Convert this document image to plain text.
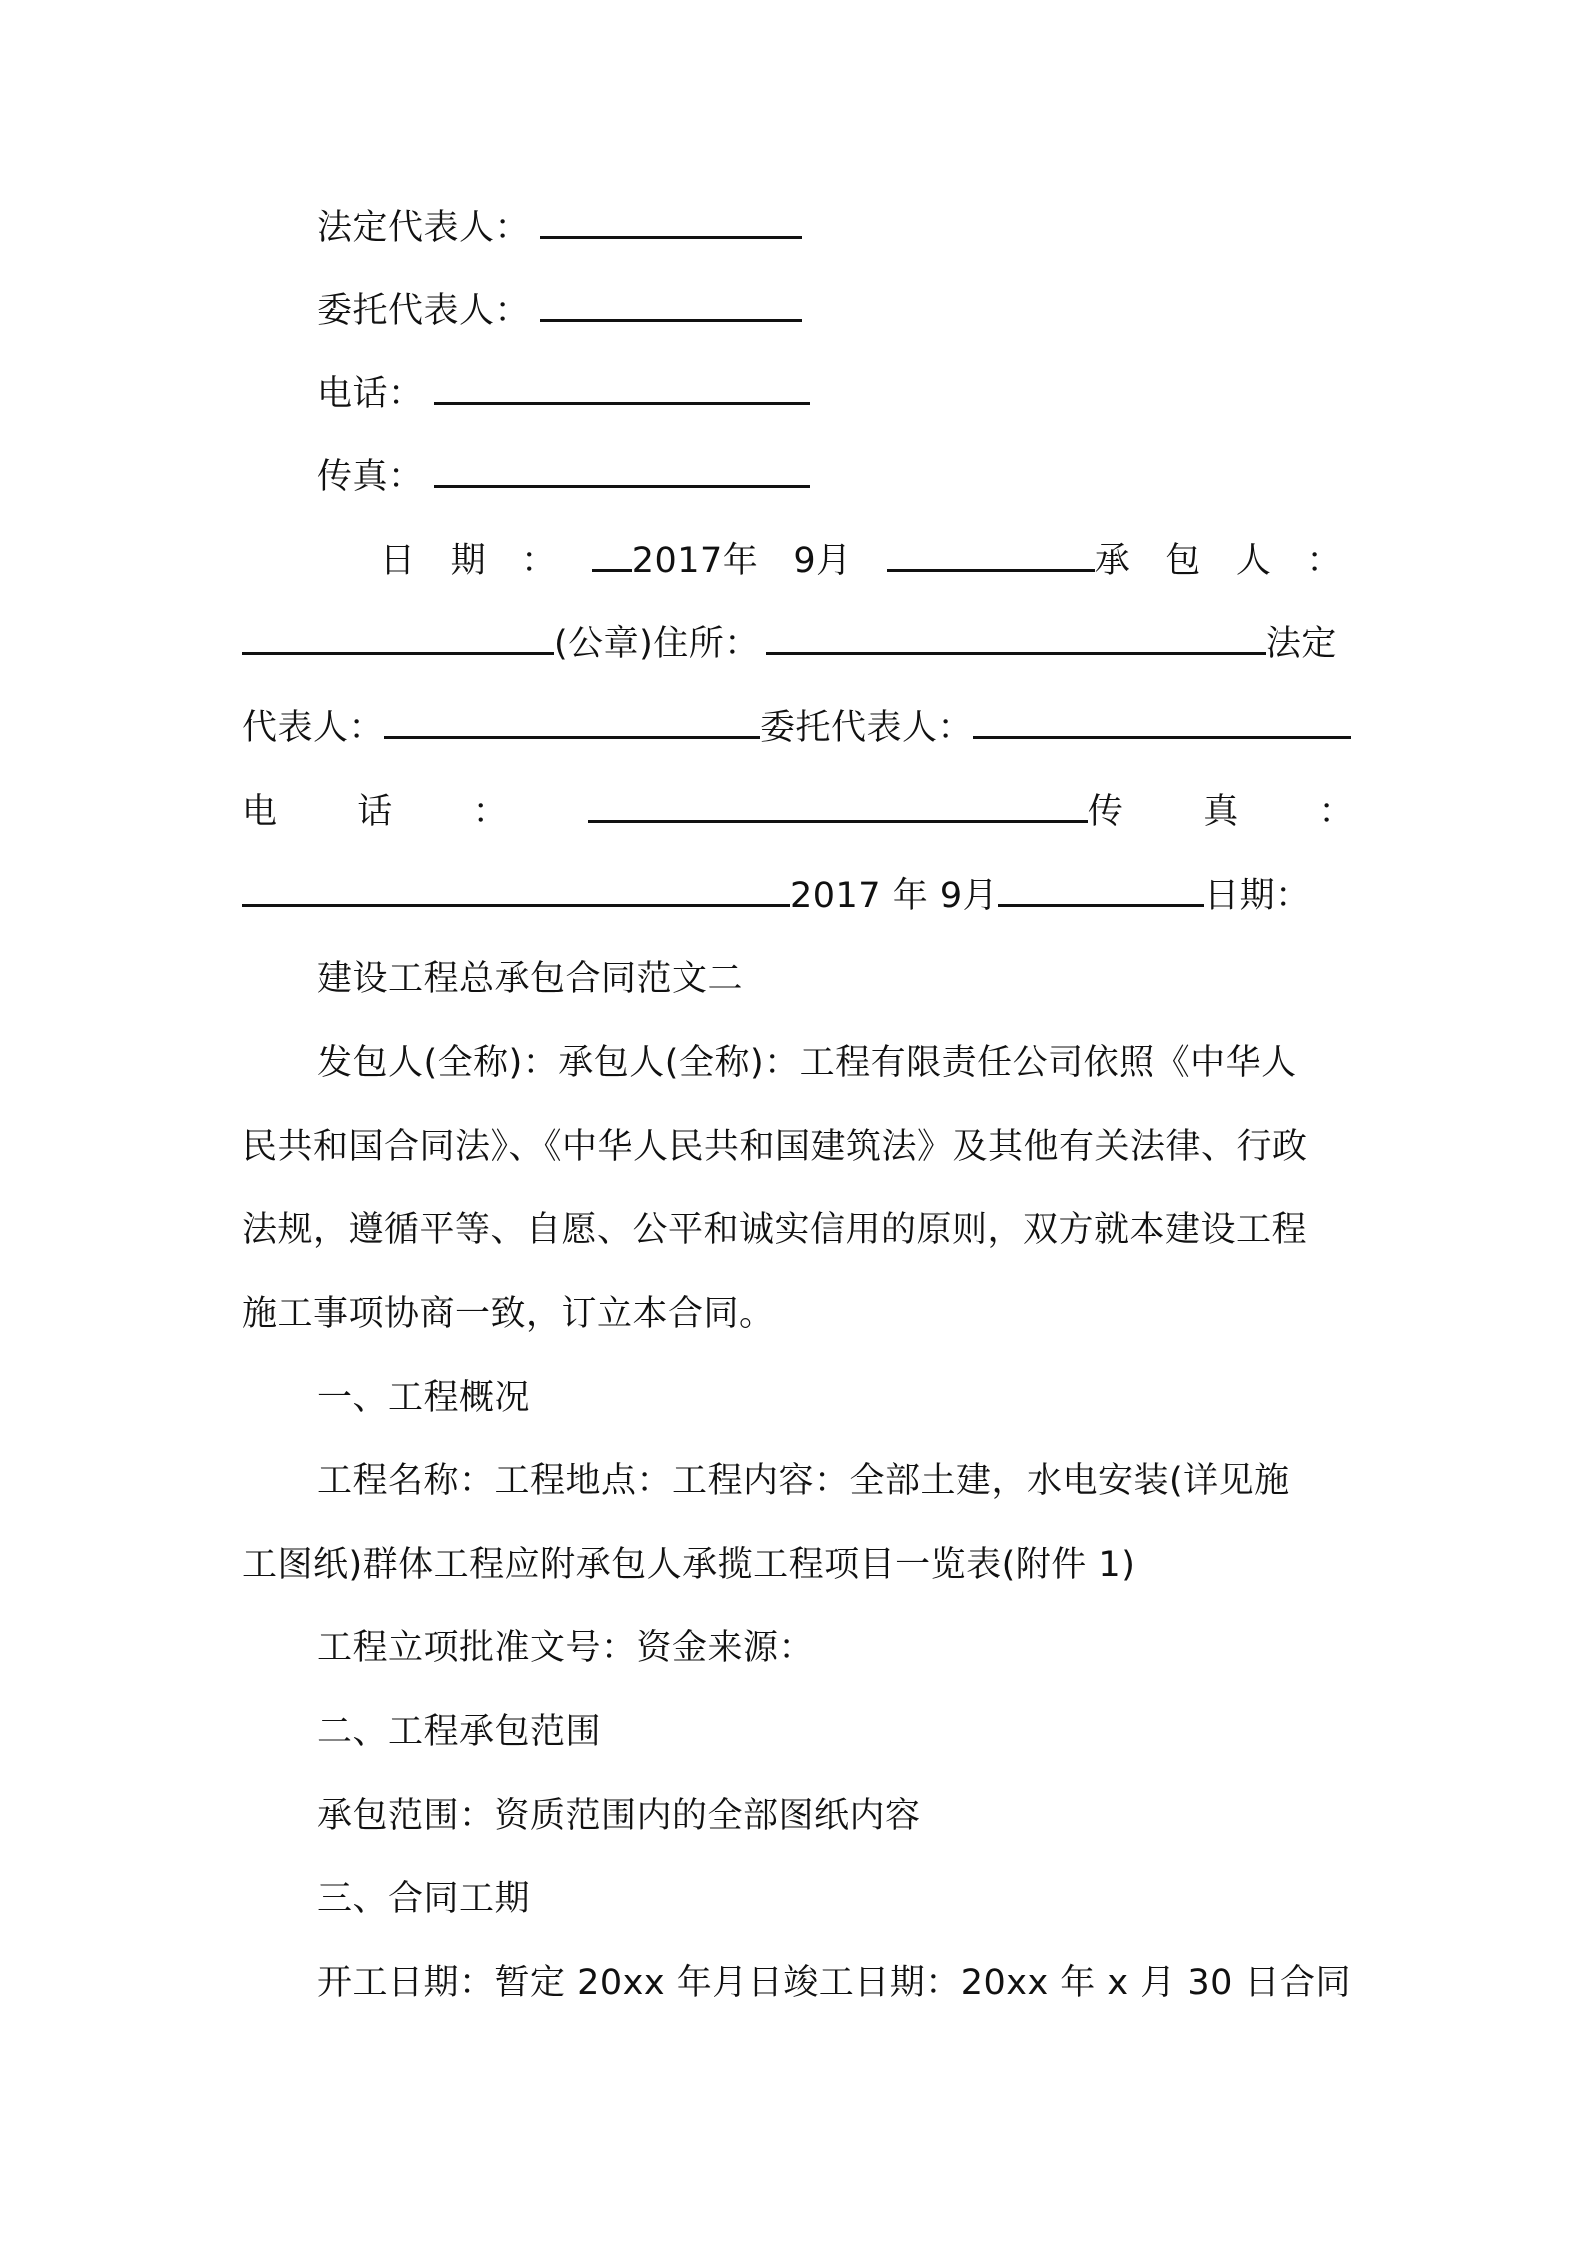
法定代表人：
委托代表人：
电话：
传真：
日 期 ： 2017年 9月	承 包 人 ：
(公章)住所：	法定
代表人：	委托代表人：
电 话 ：	传 真 ：
2017 年 9月	日期：
建设工程总承包合同范文二
发包人(全称)：承包人(全称)：工程有限责任公司依照《中华人
民共和国合同法》、《中华人民共和国建筑法》及其他有关法律、行政
法规，遵循平等、自愿、公平和诚实信用的原则，双方就本建设工程
施工事项协商一致，订立本合同。
一、工程概况
工程名称：工程地点：工程内容：全部土建，水电安装(详见施
工图纸)群体工程应附承包人承揽工程项目一览表(附件 1)
工程立项批准文号：资金来源：
二、工程承包范围
承包范围：资质范围内的全部图纸内容
三、合同工期
开工日期：暂定 20xx 年月日竣工日期：20xx 年 x 月 30 日合同
